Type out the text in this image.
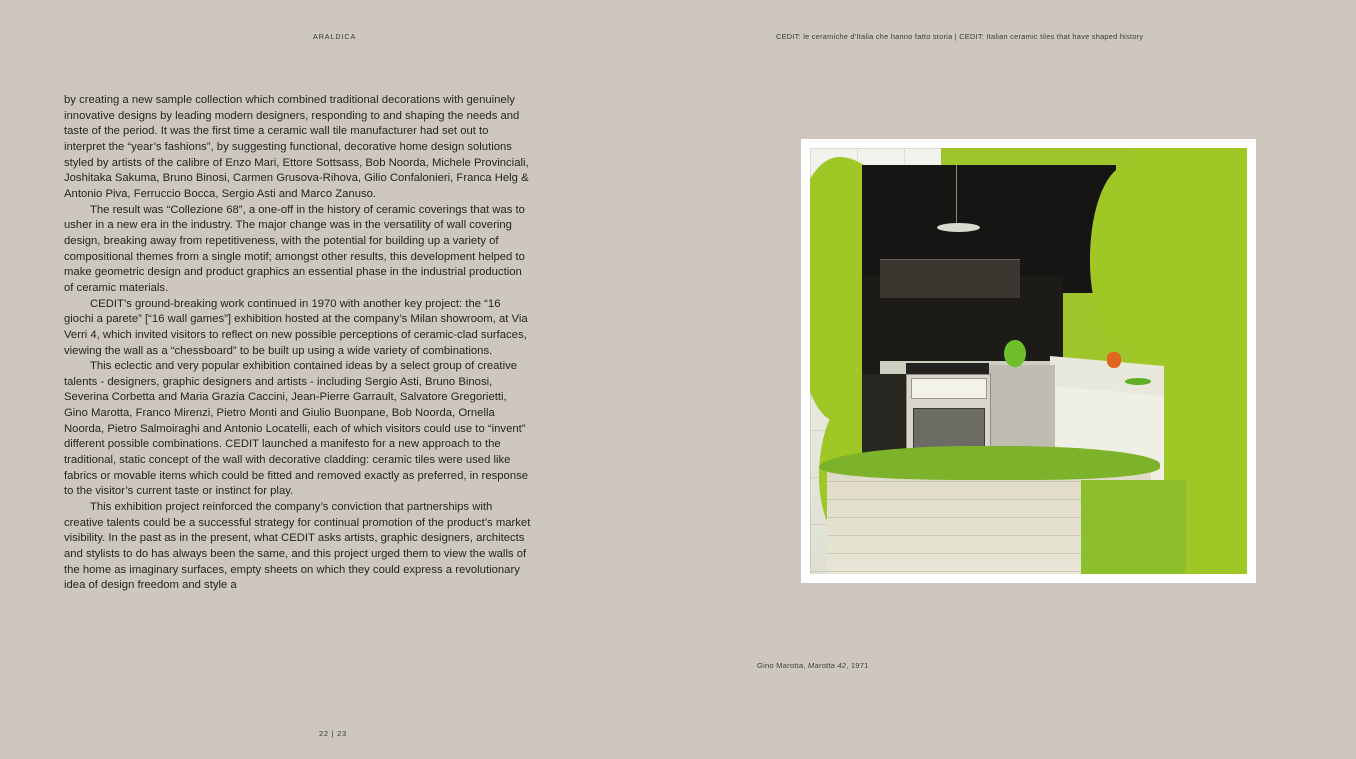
ARALDICA	CEDIT: le ceramiche d'Italia che hanno fatto storia | CEDIT: Italian ceramic tiles that have shaped history

by creating a new sample collection which combined traditional decorations with genuinely innovative designs by leading modern designers, responding to and shaping the needs and taste of the period. It was the first time a ceramic wall tile manufacturer had set out to interpret the “year’s fashions”, by suggesting functional, decorative home design solutions styled by artists of the calibre of Enzo Mari, Ettore Sottsass, Bob Noorda, Michele Provinciali, Joshitaka Sakuma, Bruno Binosi, Carmen Grusova-Rihova, Gilio Confalonieri, Franca Helg & Antonio Piva, Ferruccio Bocca, Sergio Asti and Marco Zanuso.

The result was “Collezione 68”, a one-off in the history of ceramic coverings that was to usher in a new era in the industry. The major change was in the versatility of wall covering design, breaking away from repetitiveness, with the potential for building up a variety of compositional themes from a single motif; amongst other results, this development helped to make geometric design and product graphics an essential phase in the industrial production of ceramic materials.

CEDIT’s ground-breaking work continued in 1970 with another key project: the “16 giochi a parete” [“16 wall games”] exhibition hosted at the company’s Milan showroom, at Via Verri 4, which invited visitors to reflect on new possible perceptions of ceramic-clad surfaces, viewing the wall as a “chessboard” to be built up using a wide variety of combinations.

This eclectic and very popular exhibition contained ideas by a select group of creative talents - designers, graphic designers and artists - including Sergio Asti, Bruno Binosi, Severina Corbetta and Maria Grazia Caccini, Jean-Pierre Garrault, Salvatore Gregorietti, Gino Marotta, Franco Mirenzi, Pietro Monti and Giulio Buonpane, Bob Noorda, Ornella Noorda, Pietro Salmoiraghi and Antonio Locatelli, each of which visitors could use to “invent” different possible combinations. CEDIT launched a manifesto for a new approach to the traditional, static concept of the wall with decorative cladding: ceramic tiles were used like fabrics or movable items which could be fitted and removed exactly as preferred, in response to the visitor’s current taste or instinct for play.

This exhibition project reinforced the company’s conviction that partnerships with creative talents could be a successful strategy for continual promotion of the product’s market visibility. In the past as in the present, what CEDIT asks artists, graphic designers, architects and stylists to do has always been the same, and this project urged them to view the walls of the home as imaginary surfaces, empty sheets on which they could express a revolutionary idea of design freedom and style a

Gino Marotta, Marotta 42, 1971
22 | 23
